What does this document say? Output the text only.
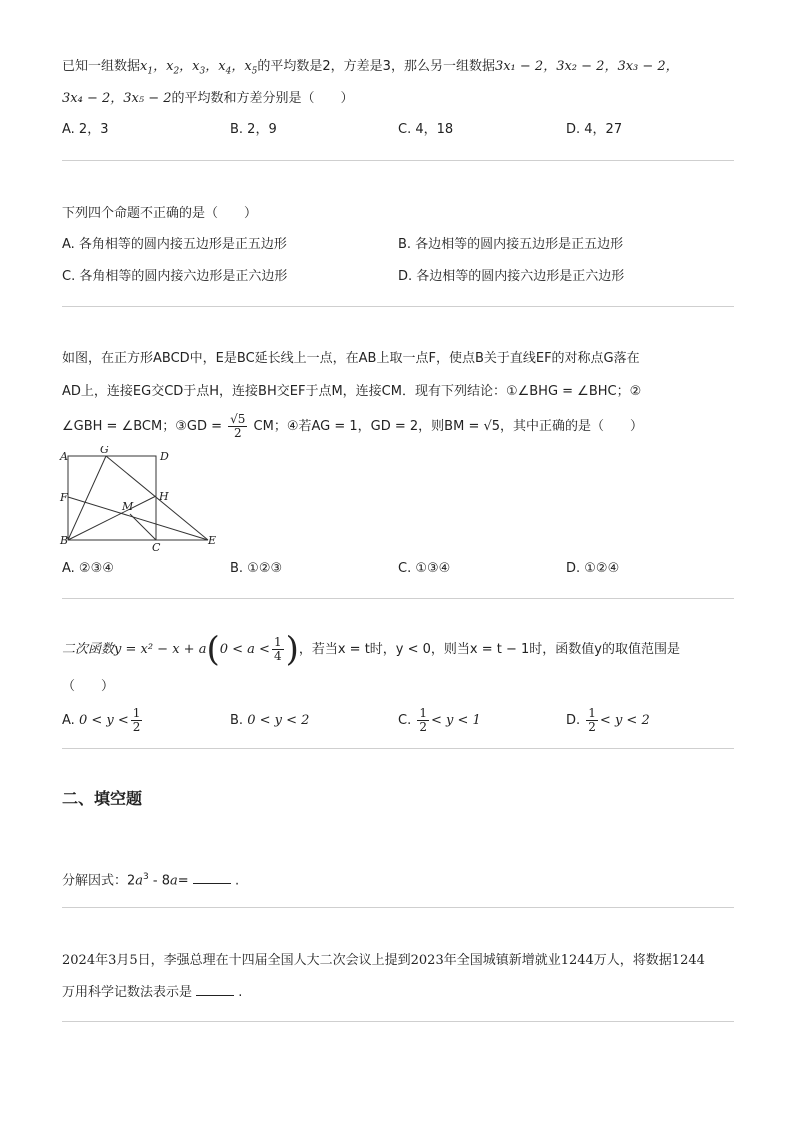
已知一组数据$x_1$，$x_2$，$x_3$，$x_4$，$x_5$的平均数是2，方差是3，那么另一组数据3x₁ − 2，3x₂ − 2，3x₃ − 2，
3x₄ − 2，3x₅ − 2的平均数和方差分别是（　　）
A. 2，3	B. 2，9	C. 4，18	D. 4，27
下列四个命题不正确的是（　　）
A. 各角相等的圆内接五边形是正五边形	B. 各边相等的圆内接五边形是正五边形
C. 各角相等的圆内接六边形是正六边形	D. 各边相等的圆内接六边形是正六边形
如图，在正方形ABCD中，E是BC延长线上一点，在AB上取一点F，使点B关于直线EF的对称点G落在
AD上，连接EG交CD于点H，连接BH交EF于点M，连接CM．现有下列结论：①∠BHG = ∠BHC；②
∠GBH = ∠BCM；③GD = $\frac{√5}{2}$ CM；④若AG = 1，GD = 2，则BM = √5，其中正确的是（　　）
A
G
D
F	H
M
B
C
E
A. ②③④	B. ①②③	C. ①③④	D. ①②④
二次函数$y = x^2 - x + a(0 < a < \frac{1}{4}$ )，若当x = t时，y < 0，则当x = t − 1时，函数值y的取值范围是
（　　）
A. $0 < y < \frac{1}{2}$	B. 0 < y < 2	C. $\frac{1}{2} < y < 1$	D. $\frac{1}{2} < y < 2$
二、填空题
分解因式：$2a^3 - 8a=$	.
2024年3月5日，李强总理在十四届全国人大二次会议上提到2023年全国城镇新增就业1244万人，将数据1244
万用科学记数法表示是	.
